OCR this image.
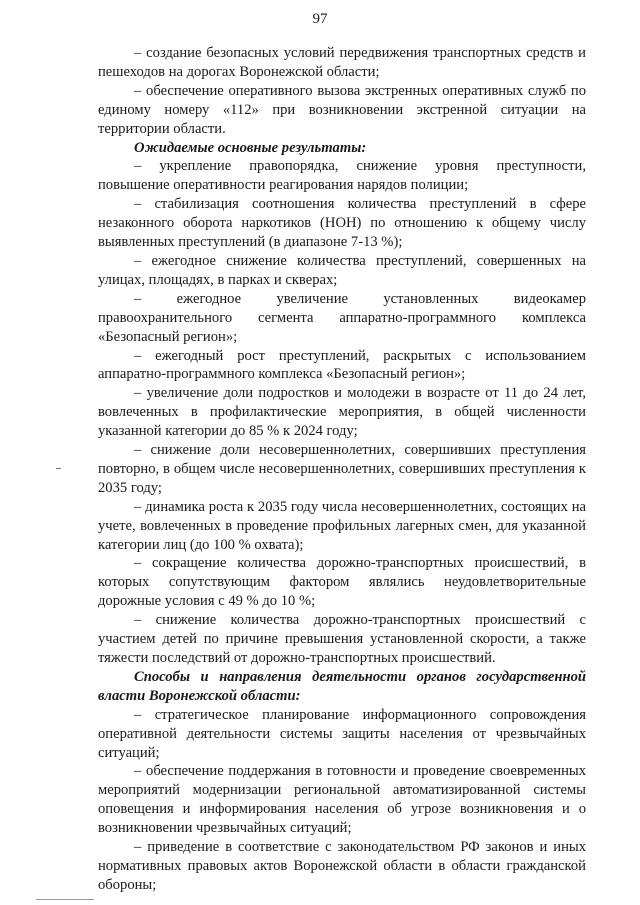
97

– создание безопасных условий передвижения транспортных средств и пешеходов на дорогах Воронежской области;

– обеспечение оперативного вызова экстренных оперативных служб по единому номеру «112» при возникновении экстренной ситуации на территории области.

Ожидаемые основные результаты:

– укрепление правопорядка, снижение уровня преступности, повышение оперативности реагирования нарядов полиции;

– стабилизация соотношения количества преступлений в сфере незаконного оборота наркотиков (НОН) по отношению к общему числу выявленных преступлений (в диапазоне 7-13 %);

– ежегодное снижение количества преступлений, совершенных на улицах, площадях, в парках и скверах;

– ежегодное увеличение установленных видеокамер правоохранительного сегмента аппаратно-программного комплекса «Безопасный регион»;

– ежегодный рост преступлений, раскрытых с использованием аппаратно-программного комплекса «Безопасный регион»;

– увеличение доли подростков и молодежи в возрасте от 11 до 24 лет, вовлеченных в профилактические мероприятия, в общей численности указанной категории до 85 % к 2024 году;

– снижение доли несовершеннолетних, совершивших преступления повторно, в общем числе несовершеннолетних, совершивших преступления к 2035 году;

– динамика роста к 2035 году числа несовершеннолетних, состоящих на учете, вовлеченных в проведение профильных лагерных смен, для указанной категории лиц (до 100 % охвата);

– сокращение количества дорожно-транспортных происшествий, в которых сопутствующим фактором являлись неудовлетворительные дорожные условия с 49 % до 10 %;

– снижение количества дорожно-транспортных происшествий с участием детей по причине превышения установленной скорости, а также тяжести последствий от дорожно-транспортных происшествий.

Способы и направления деятельности органов государственной власти Воронежской области:

– стратегическое планирование информационного сопровождения оперативной деятельности системы защиты населения от чрезвычайных ситуаций;

– обеспечение поддержания в готовности и проведение своевременных мероприятий модернизации региональной автоматизированной системы оповещения и информирования населения об угрозе возникновения и о возникновении чрезвычайных ситуаций;

– приведение в соответствие с законодательством РФ законов и иных нормативных правовых актов Воронежской области в области гражданской обороны;
